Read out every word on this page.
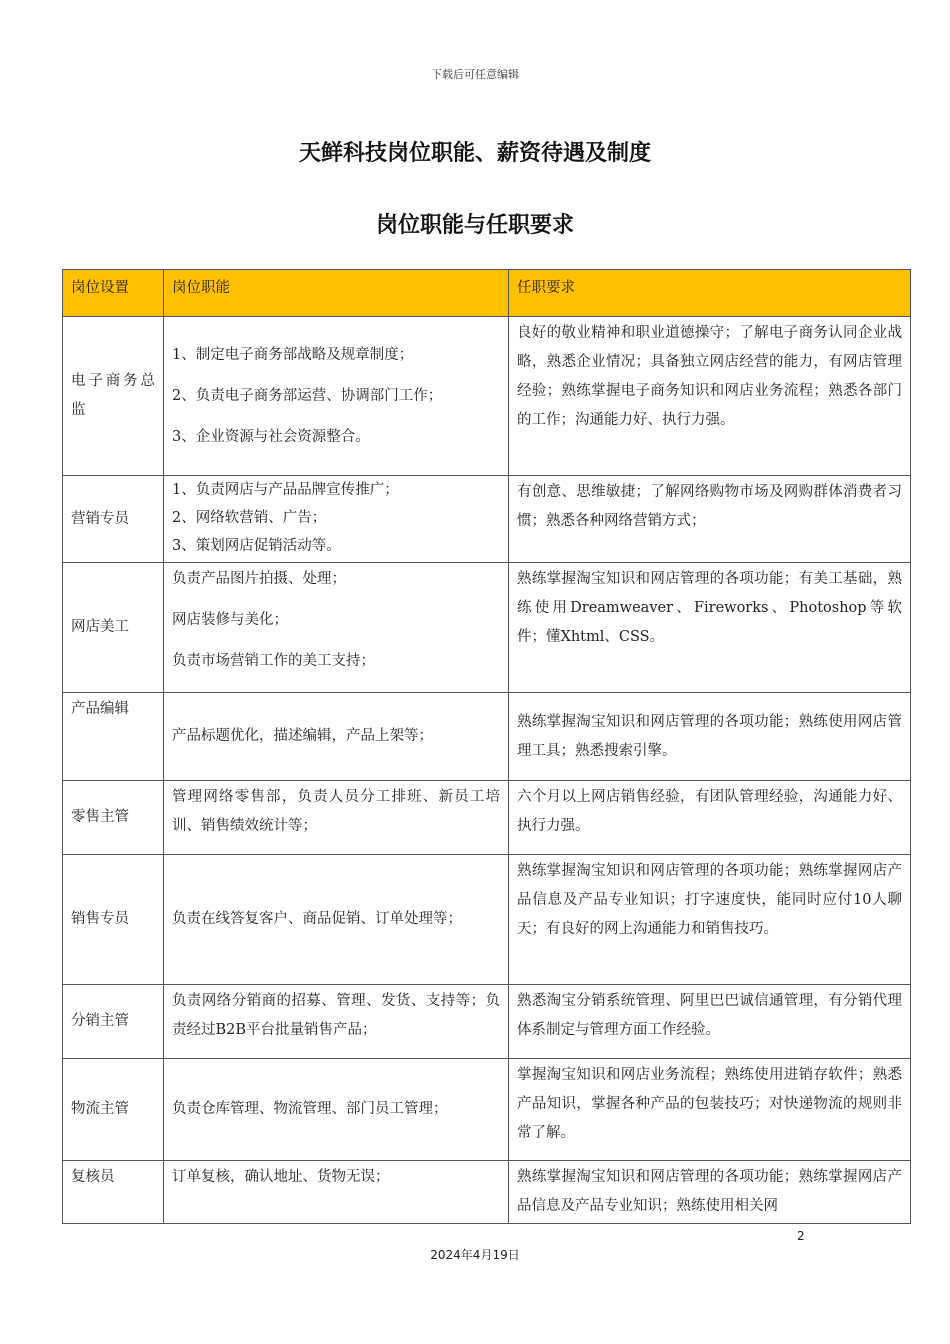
下载后可任意编辑
天鲜科技岗位职能、薪资待遇及制度
岗位职能与任职要求
岗位设置	岗位职能	任职要求
电子商务总监	1、制定电子商务部战略及规章制度；
2、负责电子商务部运营、协调部门工作；
3、企业资源与社会资源整合。	良好的敬业精神和职业道德操守；了解电子商务认同企业战略，熟悉企业情况；具备独立网店经营的能力，有网店管理经验；熟练掌握电子商务知识和网店业务流程；熟悉各部门的工作；沟通能力好、执行力强。
营销专员	1、负责网店与产品品牌宣传推广；
2、网络软营销、广告；
3、策划网店促销活动等。	有创意、思维敏捷；了解网络购物市场及网购群体消费者习惯；熟悉各种网络营销方式；
网店美工	负责产品图片拍摄、处理；
网店装修与美化；
负责市场营销工作的美工支持；	熟练掌握淘宝知识和网店管理的各项功能；有美工基础，熟练使用Dreamweaver、Fireworks、Photoshop等软件；懂Xhtml、CSS。
产品编辑	产品标题优化，描述编辑，产品上架等；	熟练掌握淘宝知识和网店管理的各项功能；熟练使用网店管理工具；熟悉搜索引擎。
零售主管	管理网络零售部，负责人员分工排班、新员工培训、销售绩效统计等；	六个月以上网店销售经验，有团队管理经验，沟通能力好、执行力强。
销售专员	负责在线答复客户、商品促销、订单处理等；	熟练掌握淘宝知识和网店管理的各项功能；熟练掌握网店产品信息及产品专业知识；打字速度快，能同时应付10人聊天；有良好的网上沟通能力和销售技巧。
分销主管	负责网络分销商的招募、管理、发货、支持等；负责经过B2B平台批量销售产品；	熟悉淘宝分销系统管理、阿里巴巴诚信通管理，有分销代理体系制定与管理方面工作经验。
物流主管	负责仓库管理、物流管理、部门员工管理；	掌握淘宝知识和网店业务流程；熟练使用进销存软件；熟悉产品知识，掌握各种产品的包装技巧；对快递物流的规则非常了解。
复核员	订单复核，确认地址、货物无误；	熟练掌握淘宝知识和网店管理的各项功能；熟练掌握网店产品信息及产品专业知识；熟练使用相关网
2
2024年4月19日
